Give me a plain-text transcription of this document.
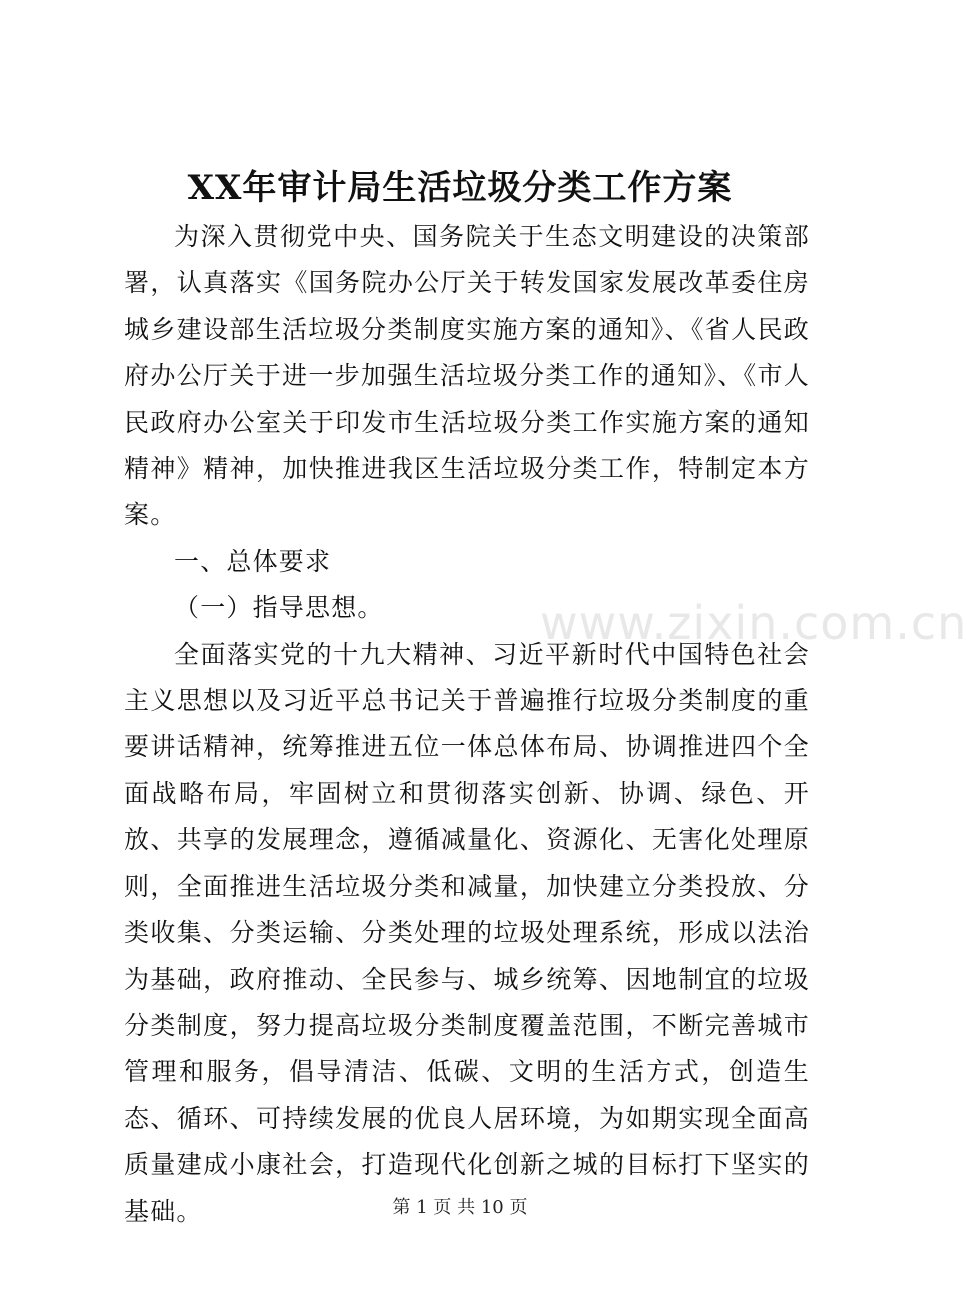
XX年审计局生活垃圾分类工作方案

为深入贯彻党中央、国务院关于生态文明建设的决策部署，认真落实《国务院办公厅关于转发国家发展改革委住房城乡建设部生活垃圾分类制度实施方案的通知》、《省人民政府办公厅关于进一步加强生活垃圾分类工作的通知》、《市人民政府办公室关于印发市生活垃圾分类工作实施方案的通知精神》精神，加快推进我区生活垃圾分类工作，特制定本方案。

一、总体要求

（一）指导思想。

全面落实党的十九大精神、习近平新时代中国特色社会主义思想以及习近平总书记关于普遍推行垃圾分类制度的重要讲话精神，统筹推进五位一体总体布局、协调推进四个全面战略布局，牢固树立和贯彻落实创新、协调、绿色、开放、共享的发展理念，遵循减量化、资源化、无害化处理原则，全面推进生活垃圾分类和减量，加快建立分类投放、分类收集、分类运输、分类处理的垃圾处理系统，形成以法治为基础，政府推动、全民参与、城乡统筹、因地制宜的垃圾分类制度，努力提高垃圾分类制度覆盖范围，不断完善城市管理和服务，倡导清洁、低碳、文明的生活方式，创造生态、循环、可持续发展的优良人居环境，为如期实现全面高质量建成小康社会，打造现代化创新之城的目标打下坚实的基础。

www.zixin.com.cn
第 1 页 共 10 页
